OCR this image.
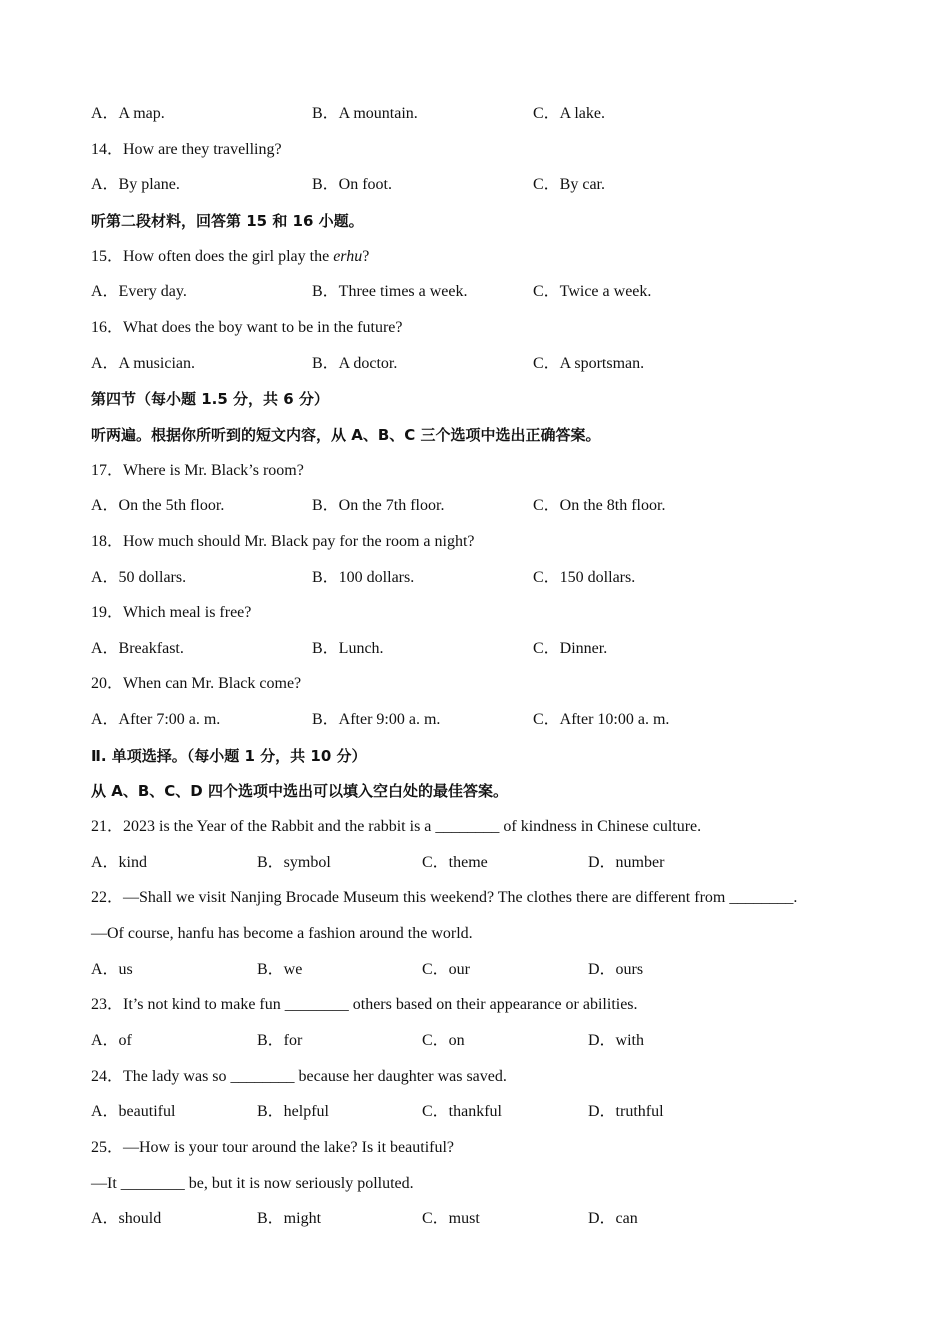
A．A map.	B．A mountain.	C．A lake.
14．How are they travelling?
A．By plane.	B．On foot.	C．By car.
听第二段材料，回答第 15 和 16 小题。
15．How often does the girl play the erhu?
A．Every day.	B．Three times a week.	C．Twice a week.
16．What does the boy want to be in the future?
A．A musician.	B．A doctor.	C．A sportsman.
第四节（每小题 1.5 分，共 6 分）
听两遍。根据你所听到的短文内容，从 A、B、C 三个选项中选出正确答案。
17．Where is Mr. Black’s room?
A．On the 5th floor.	B．On the 7th floor.	C．On the 8th floor.
18．How much should Mr. Black pay for the room a night?
A．50 dollars.	B．100 dollars.	C．150 dollars.
19．Which meal is free?
A．Breakfast.	B．Lunch.	C．Dinner.
20．When can Mr. Black come?
A．After 7:00 a. m.	B．After 9:00 a. m.	C．After 10:00 a. m.
Ⅱ. 单项选择。（每小题 1 分，共 10 分）
从 A、B、C、D 四个选项中选出可以填入空白处的最佳答案。
21．2023 is the Year of the Rabbit and the rabbit is a ________ of kindness in Chinese culture.
A．kind	B．symbol	C．theme	D．number
22．—Shall we visit Nanjing Brocade Museum this weekend? The clothes there are different from ________.
—Of course, hanfu has become a fashion around the world.
A．us	B．we	C．our	D．ours
23．It’s not kind to make fun ________ others based on their appearance or abilities.
A．of	B．for	C．on	D．with
24．The lady was so ________ because her daughter was saved.
A．beautiful	B．helpful	C．thankful	D．truthful
25．—How is your tour around the lake? Is it beautiful?
—It ________ be, but it is now seriously polluted.
A．should	B．might	C．must	D．can
